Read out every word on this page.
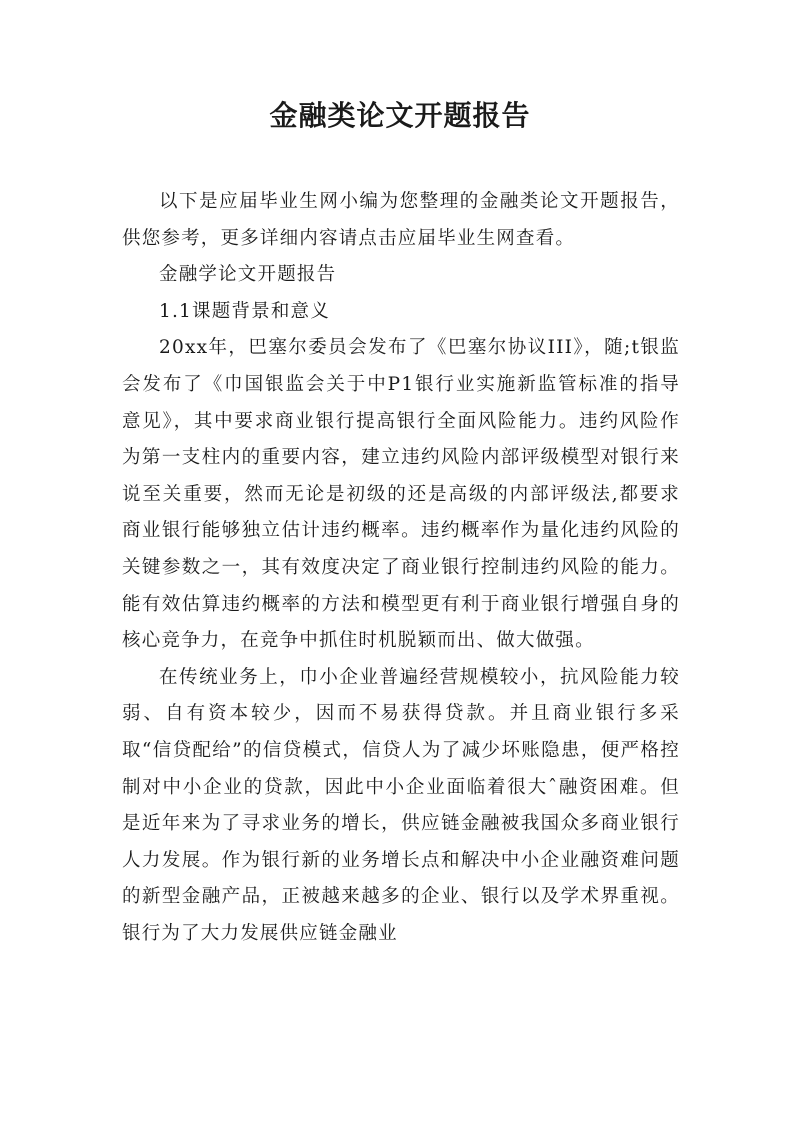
金融类论文开题报告

以下是应届毕业生网小编为您整理的金融类论文开题报告，供您参考，更多详细内容请点击应届毕业生网查看。

金融学论文开题报告

1.1课题背景和意义

20xx年，巴塞尔委员会发布了《巴塞尔协议III》，随;t银监会发布了《巾国银监会关于中P1银行业实施新监管标准的指导意见》，其中要求商业银行提高银行全面风险能力。违约风险作为第一支柱内的重要内容，建立违约风险内部评级模型对银行来说至关重要，然而无论是初级的还是高级的内部评级法,都要求商业银行能够独立估计违约概率。违约概率作为量化违约风险的关键参数之一，其有效度决定了商业银行控制违约风险的能力。能有效估算违约概率的方法和模型更有利于商业银行增强自身的核心竞争力，在竞争中抓住时机脱颖而出、做大做强。

在传统业务上，巾小企业普遍经营规模较小，抗风险能力较弱、自有资本较少，因而不易获得贷款。并且商业银行多采取“信贷配给”的信贷模式，信贷人为了减少坏账隐患，便严格控制对中小企业的贷款，因此中小企业面临着很大ˆ融资困难。但是近年来为了寻求业务的增长，供应链金融被我国众多商业银行人力发展。作为银行新的业务增长点和解决中小企业融资难问题的新型金融产品，正被越来越多的企业、银行以及学术界重视。银行为了大力发展供应链金融业
